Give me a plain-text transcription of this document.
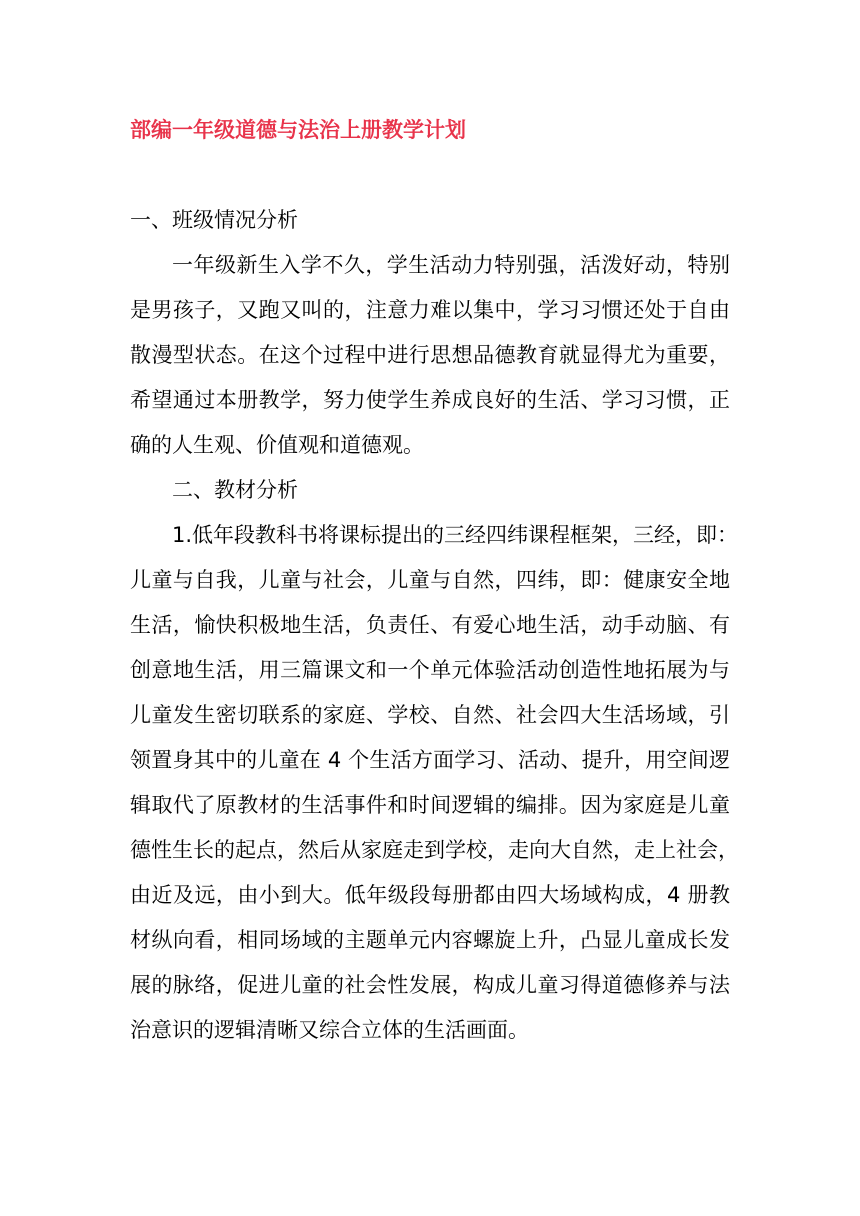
部编一年级道德与法治上册教学计划

一、班级情况分析

一年级新生入学不久，学生活动力特别强，活泼好动，特别

是男孩子，又跑又叫的，注意力难以集中，学习习惯还处于自由

散漫型状态。在这个过程中进行思想品德教育就显得尤为重要，

希望通过本册教学，努力使学生养成良好的生活、学习习惯，正

确的人生观、价值观和道德观。

二、教材分析

1.低年段教科书将课标提出的三经四纬课程框架，三经，即：

儿童与自我，儿童与社会，儿童与自然，四纬，即：健康安全地

生活，愉快积极地生活，负责任、有爱心地生活，动手动脑、有

创意地生活，用三篇课文和一个单元体验活动创造性地拓展为与

儿童发生密切联系的家庭、学校、自然、社会四大生活场域，引

领置身其中的儿童在 4 个生活方面学习、活动、提升，用空间逻

辑取代了原教材的生活事件和时间逻辑的编排。因为家庭是儿童

德性生长的起点，然后从家庭走到学校，走向大自然，走上社会，

由近及远，由小到大。低年级段每册都由四大场域构成，4 册教

材纵向看，相同场域的主题单元内容螺旋上升，凸显儿童成长发

展的脉络，促进儿童的社会性发展，构成儿童习得道德修养与法

治意识的逻辑清晰又综合立体的生活画面。
